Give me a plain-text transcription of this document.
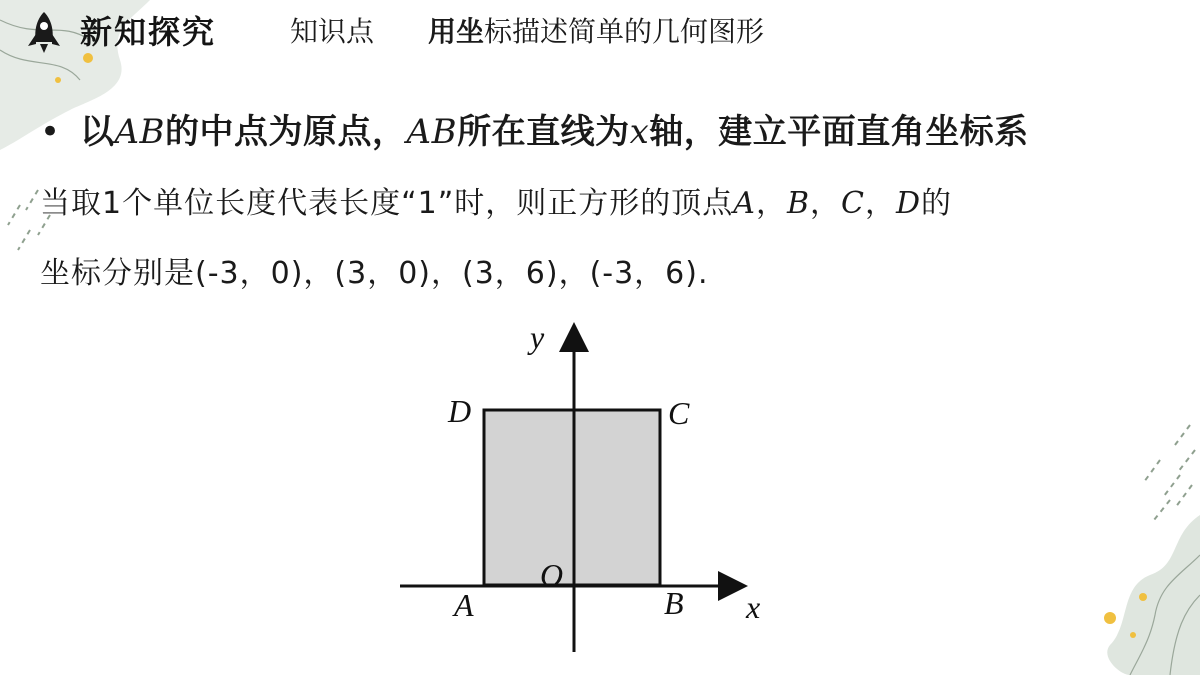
新知探究	知识点 用坐标描述简单的几何图形
• 以AB的中点为原点，AB所在直线为x轴，建立平面直角坐标系
当取1个单位长度代表长度“1”时，则正方形的顶点A，B，C，D的
坐标分别是(-3，0)，(3，0)，(3，6)，(-3，6).
y
x
O
A	B
C
D
